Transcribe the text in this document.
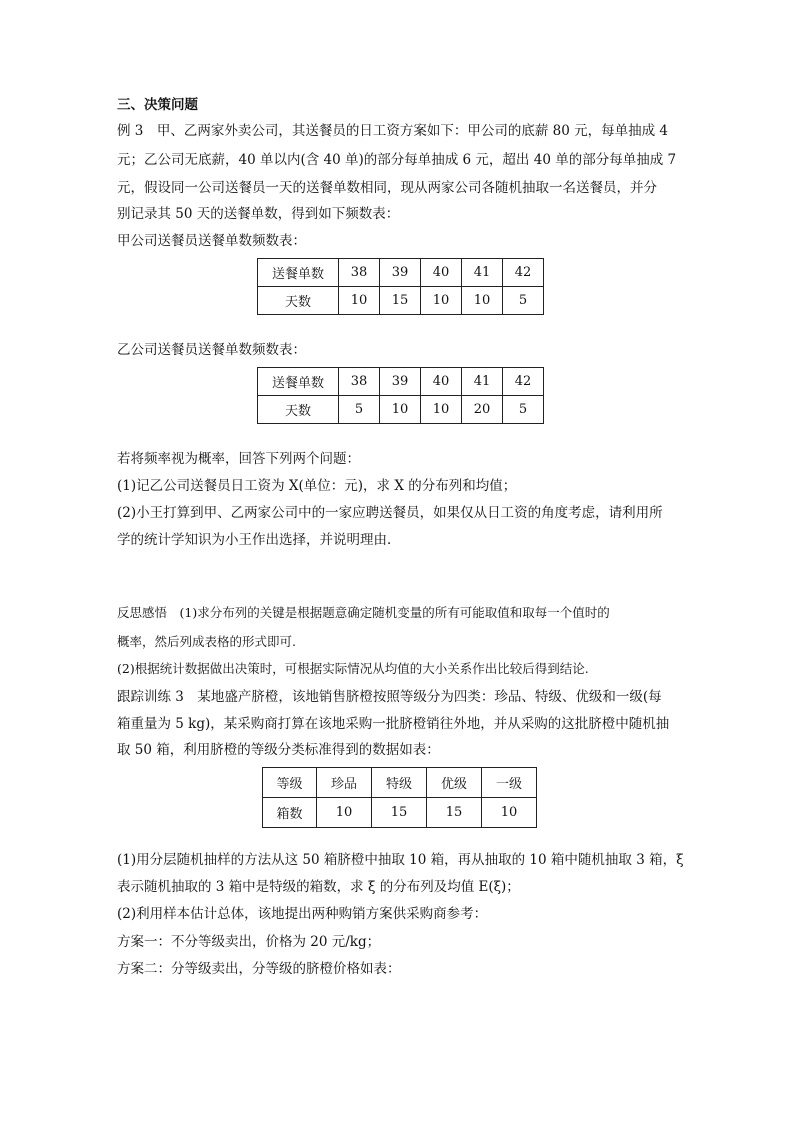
三、决策问题
例 3　甲、乙两家外卖公司，其送餐员的日工资方案如下：甲公司的底薪 80 元，每单抽成 4
元；乙公司无底薪，40 单以内(含 40 单)的部分每单抽成 6 元，超出 40 单的部分每单抽成 7
元，假设同一公司送餐员一天的送餐单数相同，现从两家公司各随机抽取一名送餐员，并分
别记录其 50 天的送餐单数，得到如下频数表：
甲公司送餐员送餐单数频数表：
送餐单数	38	39	40	41	42
天数	10	15	10	10	5
乙公司送餐员送餐单数频数表：
送餐单数	38	39	40	41	42
天数	5	10	10	20	5
若将频率视为概率，回答下列两个问题：
(1)记乙公司送餐员日工资为 X(单位：元)，求 X 的分布列和均值；
(2)小王打算到甲、乙两家公司中的一家应聘送餐员，如果仅从日工资的角度考虑，请利用所
学的统计学知识为小王作出选择，并说明理由．
反思感悟　(1)求分布列的关键是根据题意确定随机变量的所有可能取值和取每一个值时的
概率，然后列成表格的形式即可.
(2)根据统计数据做出决策时，可根据实际情况从均值的大小关系作出比较后得到结论.
跟踪训练 3　某地盛产脐橙，该地销售脐橙按照等级分为四类：珍品、特级、优级和一级(每
箱重量为 5 kg)，某采购商打算在该地采购一批脐橙销往外地，并从采购的这批脐橙中随机抽
取 50 箱，利用脐橙的等级分类标准得到的数据如表：
等级	珍品	特级	优级	一级
箱数	10	15	15	10
(1)用分层随机抽样的方法从这 50 箱脐橙中抽取 10 箱，再从抽取的 10 箱中随机抽取 3 箱，ξ
表示随机抽取的 3 箱中是特级的箱数，求 ξ 的分布列及均值 E(ξ)；
(2)利用样本估计总体，该地提出两种购销方案供采购商参考：
方案一：不分等级卖出，价格为 20 元/kg；
方案二：分等级卖出，分等级的脐橙价格如表：
